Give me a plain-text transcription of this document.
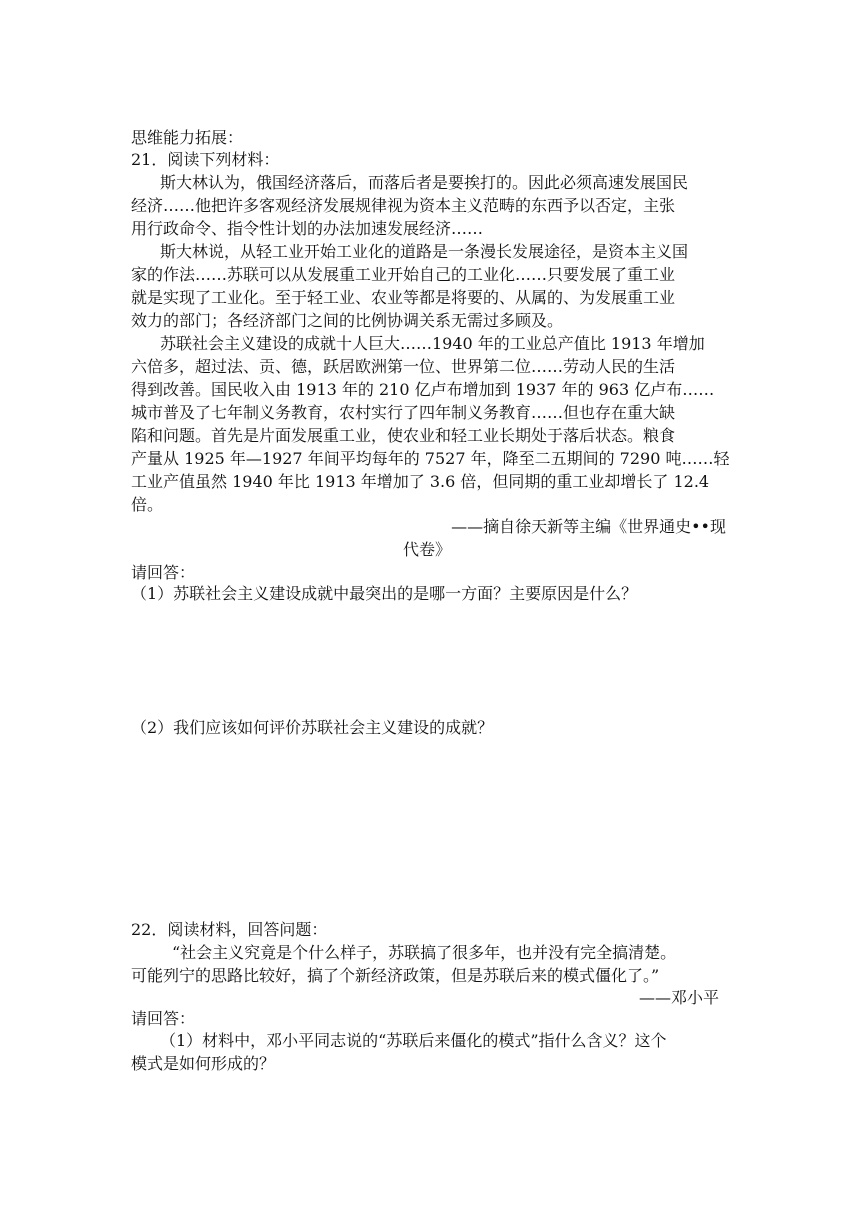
思维能力拓展：
21．阅读下列材料：
斯大林认为，俄国经济落后，而落后者是要挨打的。因此必须高速发展国民
经济……他把许多客观经济发展规律视为资本主义范畴的东西予以否定，主张
用行政命令、指令性计划的办法加速发展经济……
斯大林说，从轻工业开始工业化的道路是一条漫长发展途径，是资本主义国
家的作法……苏联可以从发展重工业开始自己的工业化……只要发展了重工业
就是实现了工业化。至于轻工业、农业等都是将要的、从属的、为发展重工业
效力的部门；各经济部门之间的比例协调关系无需过多顾及。
苏联社会主义建设的成就十人巨大……1940 年的工业总产值比 1913 年增加
六倍多，超过法、贡、德，跃居欧洲第一位、世界第二位……劳动人民的生活
得到改善。国民收入由 1913 年的 210 亿卢布增加到 1937 年的 963 亿卢布……
城市普及了七年制义务教育，农村实行了四年制义务教育……但也存在重大缺
陷和问题。首先是片面发展重工业，使农业和轻工业长期处于落后状态。粮食
产量从 1925 年—1927 年间平均每年的 7527 年，降至二五期间的 7290 吨……轻
工业产值虽然 1940 年比 1913 年增加了 3.6 倍，但同期的重工业却增长了 12.4
倍。
——摘自徐天新等主编《世界通史••现
代卷》
请回答：
（1）苏联社会主义建设成就中最突出的是哪一方面？主要原因是什么？
（2）我们应该如何评价苏联社会主义建设的成就？
22．阅读材料，回答问题：
“社会主义究竟是个什么样子，苏联搞了很多年，也并没有完全搞清楚。
可能列宁的思路比较好，搞了个新经济政策，但是苏联后来的模式僵化了。”
——邓小平
请回答：
（1）材料中，邓小平同志说的“苏联后来僵化的模式”指什么含义？这个
模式是如何形成的？
